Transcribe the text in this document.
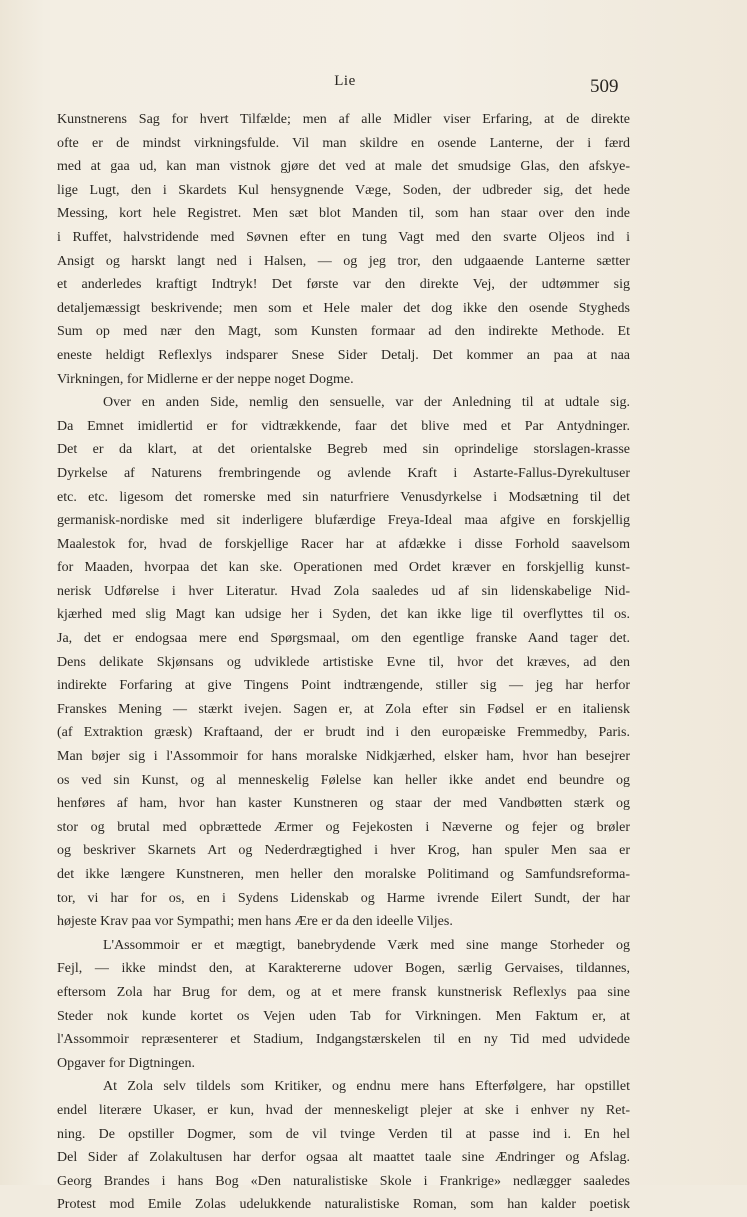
Lie	509
Kunstnerens Sag for hvert Tilfælde; men af alle Midler viser Erfaring, at de direkte
ofte er de mindst virkningsfulde. Vil man skildre en osende Lanterne, der i færd
med at gaa ud, kan man vistnok gjøre det ved at male det smudsige Glas, den afskye-
lige Lugt, den i Skardets Kul hensygnende Væge, Soden, der udbreder sig, det hede
Messing, kort hele Registret. Men sæt blot Manden til, som han staar over den inde
i Ruffet, halvstridende med Søvnen efter en tung Vagt med den svarte Oljeos ind i
Ansigt og harskt langt ned i Halsen, — og jeg tror, den udgaaende Lanterne sætter
et anderledes kraftigt Indtryk! Det første var den direkte Vej, der udtømmer sig
detaljemæssigt beskrivende; men som et Hele maler det dog ikke den osende Stygheds
Sum op med nær den Magt, som Kunsten formaar ad den indirekte Methode. Et
eneste heldigt Reflexlys indsparer Snese Sider Detalj. Det kommer an paa at naa
Virkningen, for Midlerne er der neppe noget Dogme.
Over en anden Side, nemlig den sensuelle, var der Anledning til at udtale sig.
Da Emnet imidlertid er for vidtrækkende, faar det blive med et Par Antydninger.
Det er da klart, at det orientalske Begreb med sin oprindelige storslagen-krasse
Dyrkelse af Naturens frembringende og avlende Kraft i Astarte-Fallus-Dyrekultuser
etc. etc. ligesom det romerske med sin naturfriere Venusdyrkelse i Modsætning til det
germanisk-nordiske med sit inderligere blufærdige Freya-Ideal maa afgive en forskjellig
Maalestok for, hvad de forskjellige Racer har at afdække i disse Forhold saavelsom
for Maaden, hvorpaa det kan ske. Operationen med Ordet kræver en forskjellig kunst-
nerisk Udførelse i hver Literatur. Hvad Zola saaledes ud af sin lidenskabelige Nid-
kjærhed med slig Magt kan udsige her i Syden, det kan ikke lige til overflyttes til os.
Ja, det er endogsaa mere end Spørgsmaal, om den egentlige franske Aand tager det.
Dens delikate Skjønsans og udviklede artistiske Evne til, hvor det kræves, ad den
indirekte Forfaring at give Tingens Point indtrængende, stiller sig — jeg har herfor
Franskes Mening — stærkt ivejen. Sagen er, at Zola efter sin Fødsel er en italiensk
(af Extraktion græsk) Kraftaand, der er brudt ind i den europæiske Fremmedby, Paris.
Man bøjer sig i l'Assommoir for hans moralske Nidkjærhed, elsker ham, hvor han besejrer
os ved sin Kunst, og al menneskelig Følelse kan heller ikke andet end beundre og
henføres af ham, hvor han kaster Kunstneren og staar der med Vandbøtten stærk og
stor og brutal med opbrættede Ærmer og Fejekosten i Næverne og fejer og brøler
og beskriver Skarnets Art og Nederdrægtighed i hver Krog, han spuler Men saa er
det ikke længere Kunstneren, men heller den moralske Politimand og Samfundsreforma-
tor, vi har for os, en i Sydens Lidenskab og Harme ivrende Eilert Sundt, der har
højeste Krav paa vor Sympathi; men hans Ære er da den ideelle Viljes.
L'Assommoir er et mægtigt, banebrydende Værk med sine mange Storheder og
Fejl, — ikke mindst den, at Karaktererne udover Bogen, særlig Gervaises, tildannes,
eftersom Zola har Brug for dem, og at et mere fransk kunstnerisk Reflexlys paa sine
Steder nok kunde kortet os Vejen uden Tab for Virkningen. Men Faktum er, at
l'Assommoir repræsenterer et Stadium, Indgangstærskelen til en ny Tid med udvidede
Opgaver for Digtningen.
At Zola selv tildels som Kritiker, og endnu mere hans Efterfølgere, har opstillet
endel literære Ukaser, er kun, hvad der menneskeligt plejer at ske i enhver ny Ret-
ning. De opstiller Dogmer, som de vil tvinge Verden til at passe ind i. En hel
Del Sider af Zolakultusen har derfor ogsaa alt maattet taale sine Ændringer og Afslag.
Georg Brandes i hans Bog «Den naturalistiske Skole i Frankrige» nedlægger saaledes
Protest mod Emile Zolas udelukkende naturalistiske Roman, som han kalder poetisk
